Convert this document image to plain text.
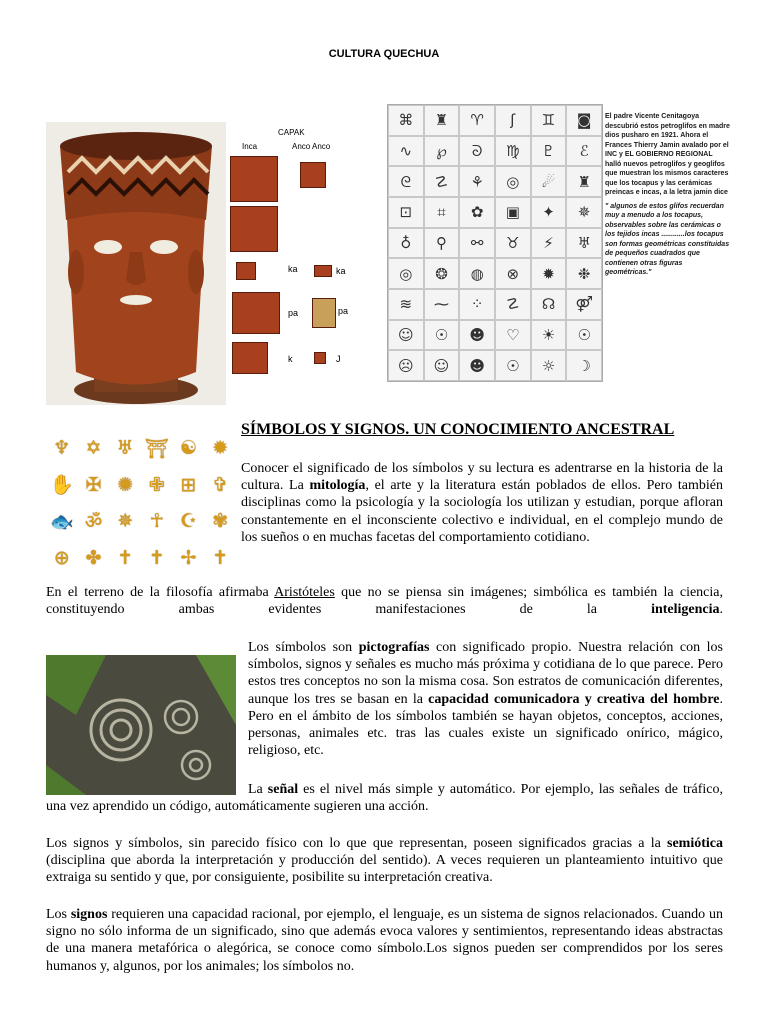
CULTURA QUECHUA
CAPAK
Inca	Anco Anco
ka	ka
pa	pa
k	J
⌘	♜	♈	ʃ	♊	◙
∿	℘	ᘐ	♍	♇	ℰ
ᘓ	☡	⚘	◎	☄	♜
⊡	⌗	✿	▣	✦	✵
♁	⚲	⚯	♉	⚡	♅
◎	❂	◍	⊗	✹	❉
≋	⁓	⁘	☡	☊	⚤
☺	☉	☻	♡	☀	☉
☹	☺	☻	☉	☼	☽
El padre Vicente Cenitagoya descubrió estos petroglifos en madre dios pusharo en 1921. Ahora el Frances Thierry Jamin avalado por el INC y EL GOBIERNO REGIONAL halló nuevos petroglifos y geoglifos que muestran los mismos caracteres que los tocapus y las cerámicas preincas e incas, a la letra jamin dice
" algunos de estos glifos recuerdan muy a menudo a los tocapus, observables sobre las cerámicas o los tejidos incas ............los tocapus son formas geométricas constituidas de pequeños cuadrados que contienen otras figuras geométricas."
♆ ✡ ♅ ⛩ ☯ ✹
✋ ✠ ✺ ✙ ⊞ ✞
🐟 ॐ ✵ ☥ ☪ ✾
⊕ ✤ ✝ ✝ ✢ ✝
SÍMBOLOS Y SIGNOS. UN CONOCIMIENTO ANCESTRAL

Conocer el significado de los símbolos y su lectura es adentrarse en la historia de la cultura. La mitología, el arte y la literatura están poblados de ellos. Pero también disciplinas como la psicología y la sociología los utilizan y estudian, porque afloran constantemente en el inconsciente colectivo e individual, en el complejo mundo de los sueños o en muchas facetas del comportamiento cotidiano.

En el terreno de la filosofía afirmaba Aristóteles que no se piensa sin imágenes; simbólica es también la ciencia, constituyendo ambas evidentes manifestaciones de la inteligencia.

Los símbolos son pictografías con significado propio. Nuestra relación con los símbolos, signos y señales es mucho más próxima y cotidiana de lo que parece. Pero estos tres conceptos no son la misma cosa. Son estratos de comunicación diferentes, aunque los tres se basan en la capacidad comunicadora y creativa del hombre. Pero en el ámbito de los símbolos también se hayan objetos, conceptos, acciones, personas, animales etc. tras las cuales existe un significado onírico, mágico, religioso, etc.

La señal es el nivel más simple y automático. Por ejemplo, las señales de tráfico, una vez aprendido un código, automáticamente sugieren una acción.

Los signos y símbolos, sin parecido físico con lo que que representan, poseen significados gracias a la semiótica (disciplina que aborda la interpretación y producción del sentido). A veces requieren un planteamiento intuitivo que extraiga su sentido y que, por consiguiente, posibilite su interpretación creativa.

Los signos requieren una capacidad racional, por ejemplo, el lenguaje, es un sistema de signos relacionados. Cuando un signo no sólo informa de un significado, sino que además evoca valores y sentimientos, representando ideas abstractas de una manera metafórica o alegórica, se conoce como símbolo.Los signos pueden ser comprendidos por los seres humanos y, algunos, por los animales; los símbolos no.
